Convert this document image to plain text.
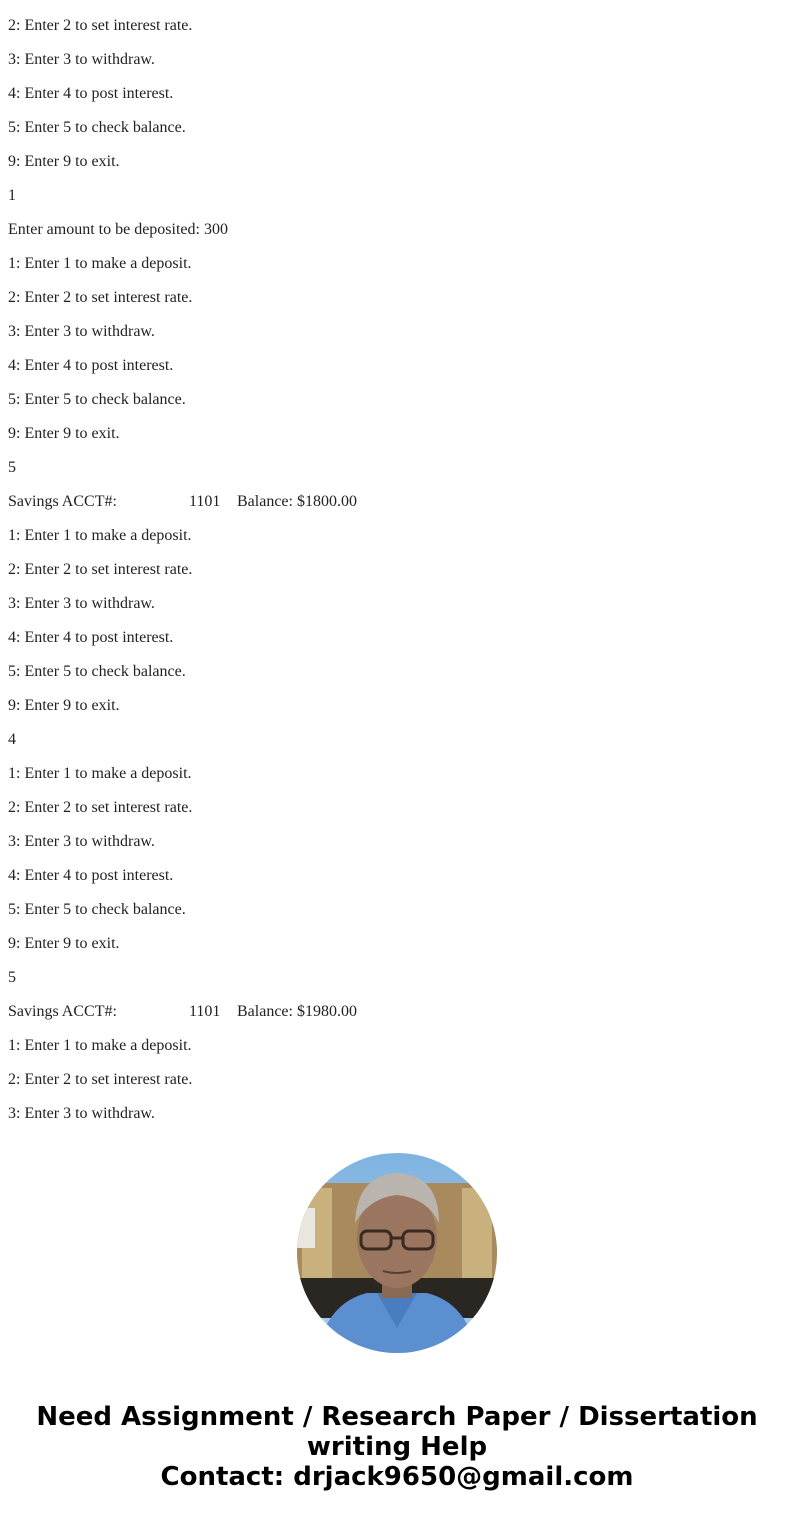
2: Enter 2 to set interest rate.
3: Enter 3 to withdraw.
4: Enter 4 to post interest.
5: Enter 5 to check balance.
9: Enter 9 to exit.
1
Enter amount to be deposited: 300
1: Enter 1 to make a deposit.
2: Enter 2 to set interest rate.
3: Enter 3 to withdraw.
4: Enter 4 to post interest.
5: Enter 5 to check balance.
9: Enter 9 to exit.
5
Savings ACCT#:	1101 Balance: $1800.00
1: Enter 1 to make a deposit.
2: Enter 2 to set interest rate.
3: Enter 3 to withdraw.
4: Enter 4 to post interest.
5: Enter 5 to check balance.
9: Enter 9 to exit.
4
1: Enter 1 to make a deposit.
2: Enter 2 to set interest rate.
3: Enter 3 to withdraw.
4: Enter 4 to post interest.
5: Enter 5 to check balance.
9: Enter 9 to exit.
5
Savings ACCT#:	1101 Balance: $1980.00
1: Enter 1 to make a deposit.
2: Enter 2 to set interest rate.
3: Enter 3 to withdraw.
Need Assignment / Research Paper / Dissertation
writing Help
Contact: drjack9650@gmail.com
